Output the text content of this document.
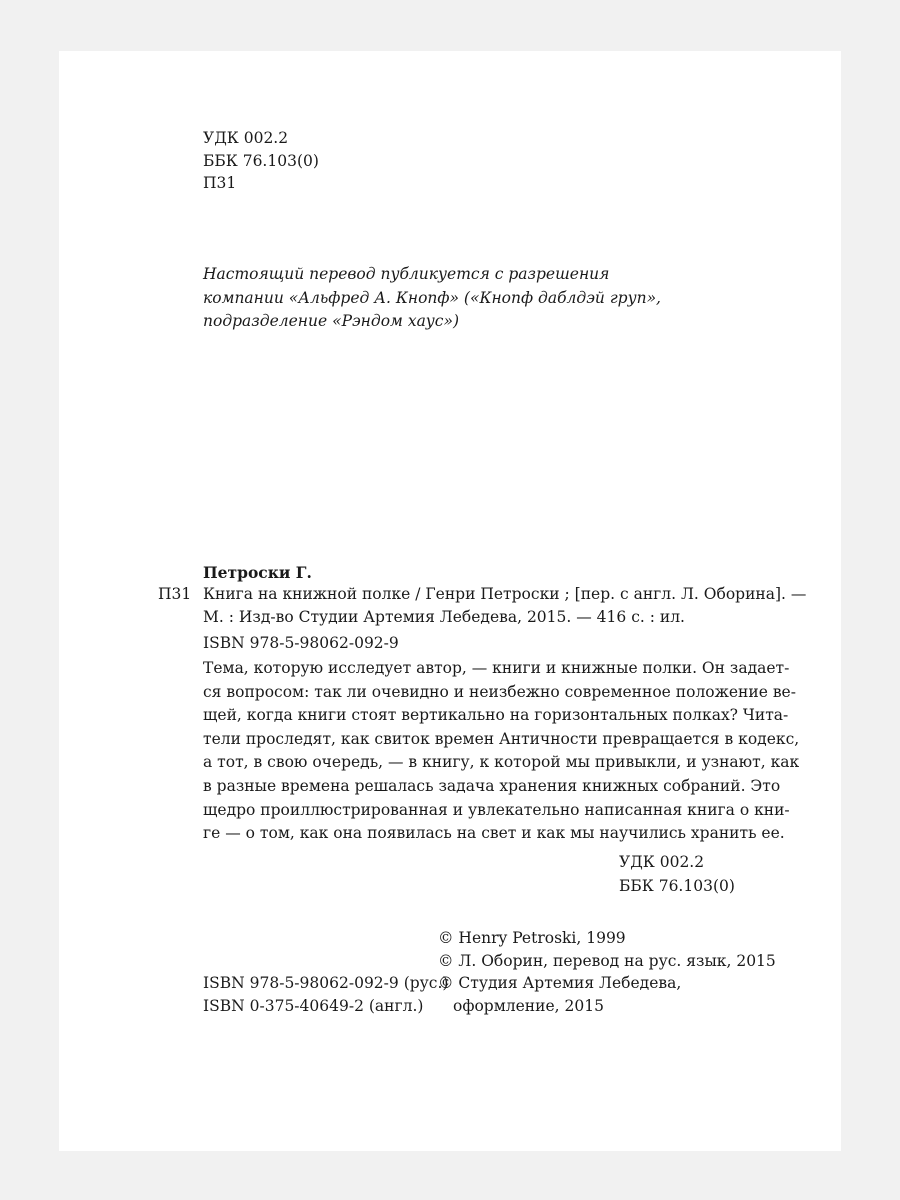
УДК 002.2
ББК 76.103(0)
П31
Настоящий перевод публикуется с разрешения
компании «Альфред А. Кнопф» («Кнопф даблдэй груп»,
подразделение «Рэндом хаус»)
Петроски Г.
П31 Книга на книжной полке / Генри Петроски ; [пер. с англ. Л. Оборина]. —
М. : Изд-во Студии Артемия Лебедева, 2015. — 416 с. : ил.
ISBN 978-5-98062-092-9
Тема, которую исследует автор, — книги и книжные полки. Он задает-
ся вопросом: так ли очевидно и неизбежно современное положение ве-
щей, когда книги стоят вертикально на горизонтальных полках? Чита-
тели проследят, как свиток времен Античности превращается в кодекс,
а тот, в свою очередь, — в книгу, к которой мы привыкли, и узнают, как
в разные времена решалась задача хранения книжных собраний. Это
щедро проиллюстрированная и увлекательно написанная книга о кни-
ге — о том, как она появилась на свет и как мы научились хранить ее.
УДК 002.2
ББК 76.103(0)
© Henry Petroski, 1999
© Л. Оборин, перевод на рус. язык, 2015
© Студия Артемия Лебедева,
оформление, 2015
ISBN 978-5-98062-092-9 (рус.)
ISBN 0-375-40649-2 (англ.)
